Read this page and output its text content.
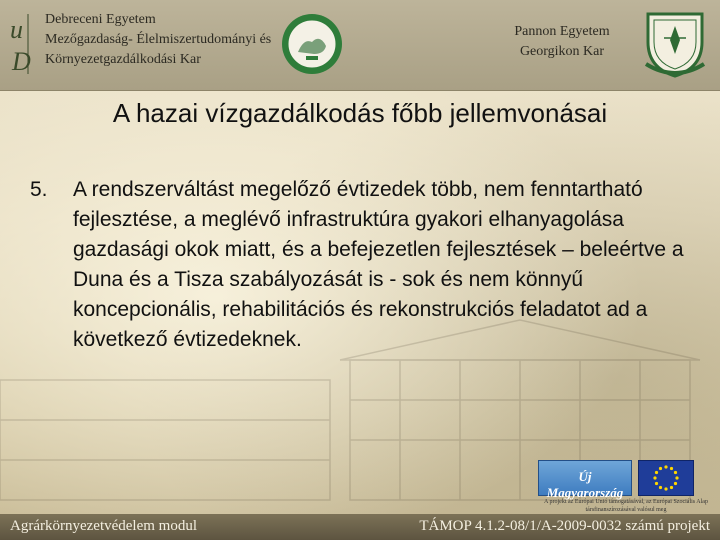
u
D
Debreceni Egyetem
Mezőgazdaság- Élelmiszertudományi és
Környezetgazdálkodási Kar
Pannon Egyetem
Georgikon Kar
A hazai vízgazdálkodás főbb jellemvonásai
5. A rendszerváltást megelőző évtizedek több, nem fenntartható fejlesztése, a meglévő infrastruktúra gyakori elhanyagolása gazdasági okok miatt, és a befejezetlen fejlesztések – beleértve a Duna és a Tisza szabályozását is - sok és nem könnyű koncepcionális, rehabilitációs és rekonstrukciós feladatot ad a következő évtizedeknek.
Új Magyarország
A projekt az Európai Unió támogatásával, az Európai Szociális Alap társfinanszírozásával valósul meg
Agrárkörnyezetvédelem modul	TÁMOP 4.1.2-08/1/A-2009-0032 számú projekt
